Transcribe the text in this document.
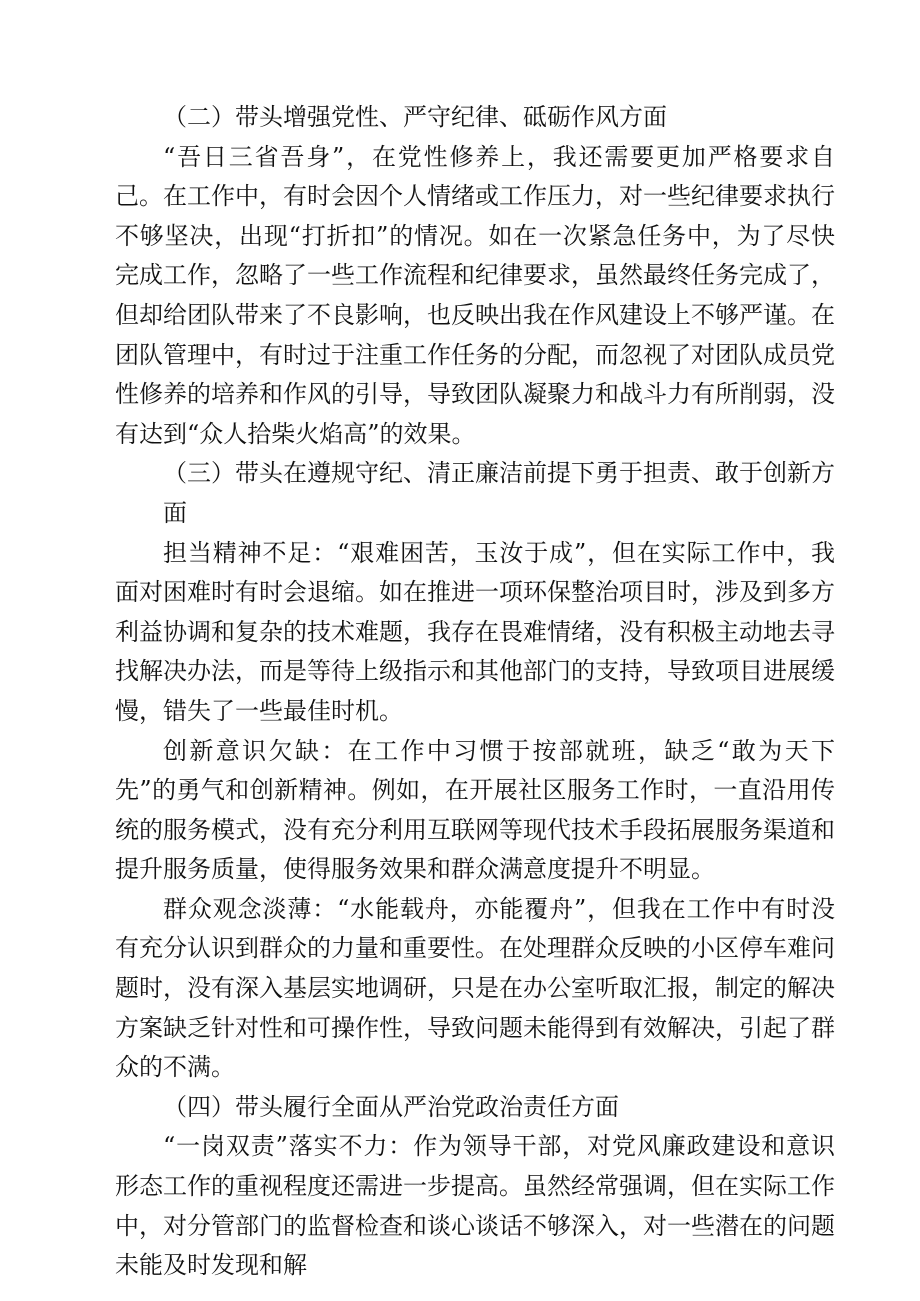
（二）带头增强党性、严守纪律、砥砺作风方面

“吾日三省吾身”，在党性修养上，我还需要更加严格要求自己。在工作中，有时会因个人情绪或工作压力，对一些纪律要求执行不够坚决，出现“打折扣”的情况。如在一次紧急任务中，为了尽快完成工作，忽略了一些工作流程和纪律要求，虽然最终任务完成了，但却给团队带来了不良影响，也反映出我在作风建设上不够严谨。在团队管理中，有时过于注重工作任务的分配，而忽视了对团队成员党性修养的培养和作风的引导，导致团队凝聚力和战斗力有所削弱，没有达到“众人拾柴火焰高”的效果。

（三）带头在遵规守纪、清正廉洁前提下勇于担责、敢于创新方面

担当精神不足：“艰难困苦，玉汝于成”，但在实际工作中，我面对困难时有时会退缩。如在推进一项环保整治项目时，涉及到多方利益协调和复杂的技术难题，我存在畏难情绪，没有积极主动地去寻找解决办法，而是等待上级指示和其他部门的支持，导致项目进展缓慢，错失了一些最佳时机。

创新意识欠缺：在工作中习惯于按部就班，缺乏“敢为天下先”的勇气和创新精神。例如，在开展社区服务工作时，一直沿用传统的服务模式，没有充分利用互联网等现代技术手段拓展服务渠道和提升服务质量，使得服务效果和群众满意度提升不明显。

群众观念淡薄：“水能载舟，亦能覆舟”，但我在工作中有时没有充分认识到群众的力量和重要性。在处理群众反映的小区停车难问题时，没有深入基层实地调研，只是在办公室听取汇报，制定的解决方案缺乏针对性和可操作性，导致问题未能得到有效解决，引起了群众的不满。

（四）带头履行全面从严治党政治责任方面

“一岗双责”落实不力：作为领导干部，对党风廉政建设和意识形态工作的重视程度还需进一步提高。虽然经常强调，但在实际工作中，对分管部门的监督检查和谈心谈话不够深入，对一些潜在的问题未能及时发现和解
